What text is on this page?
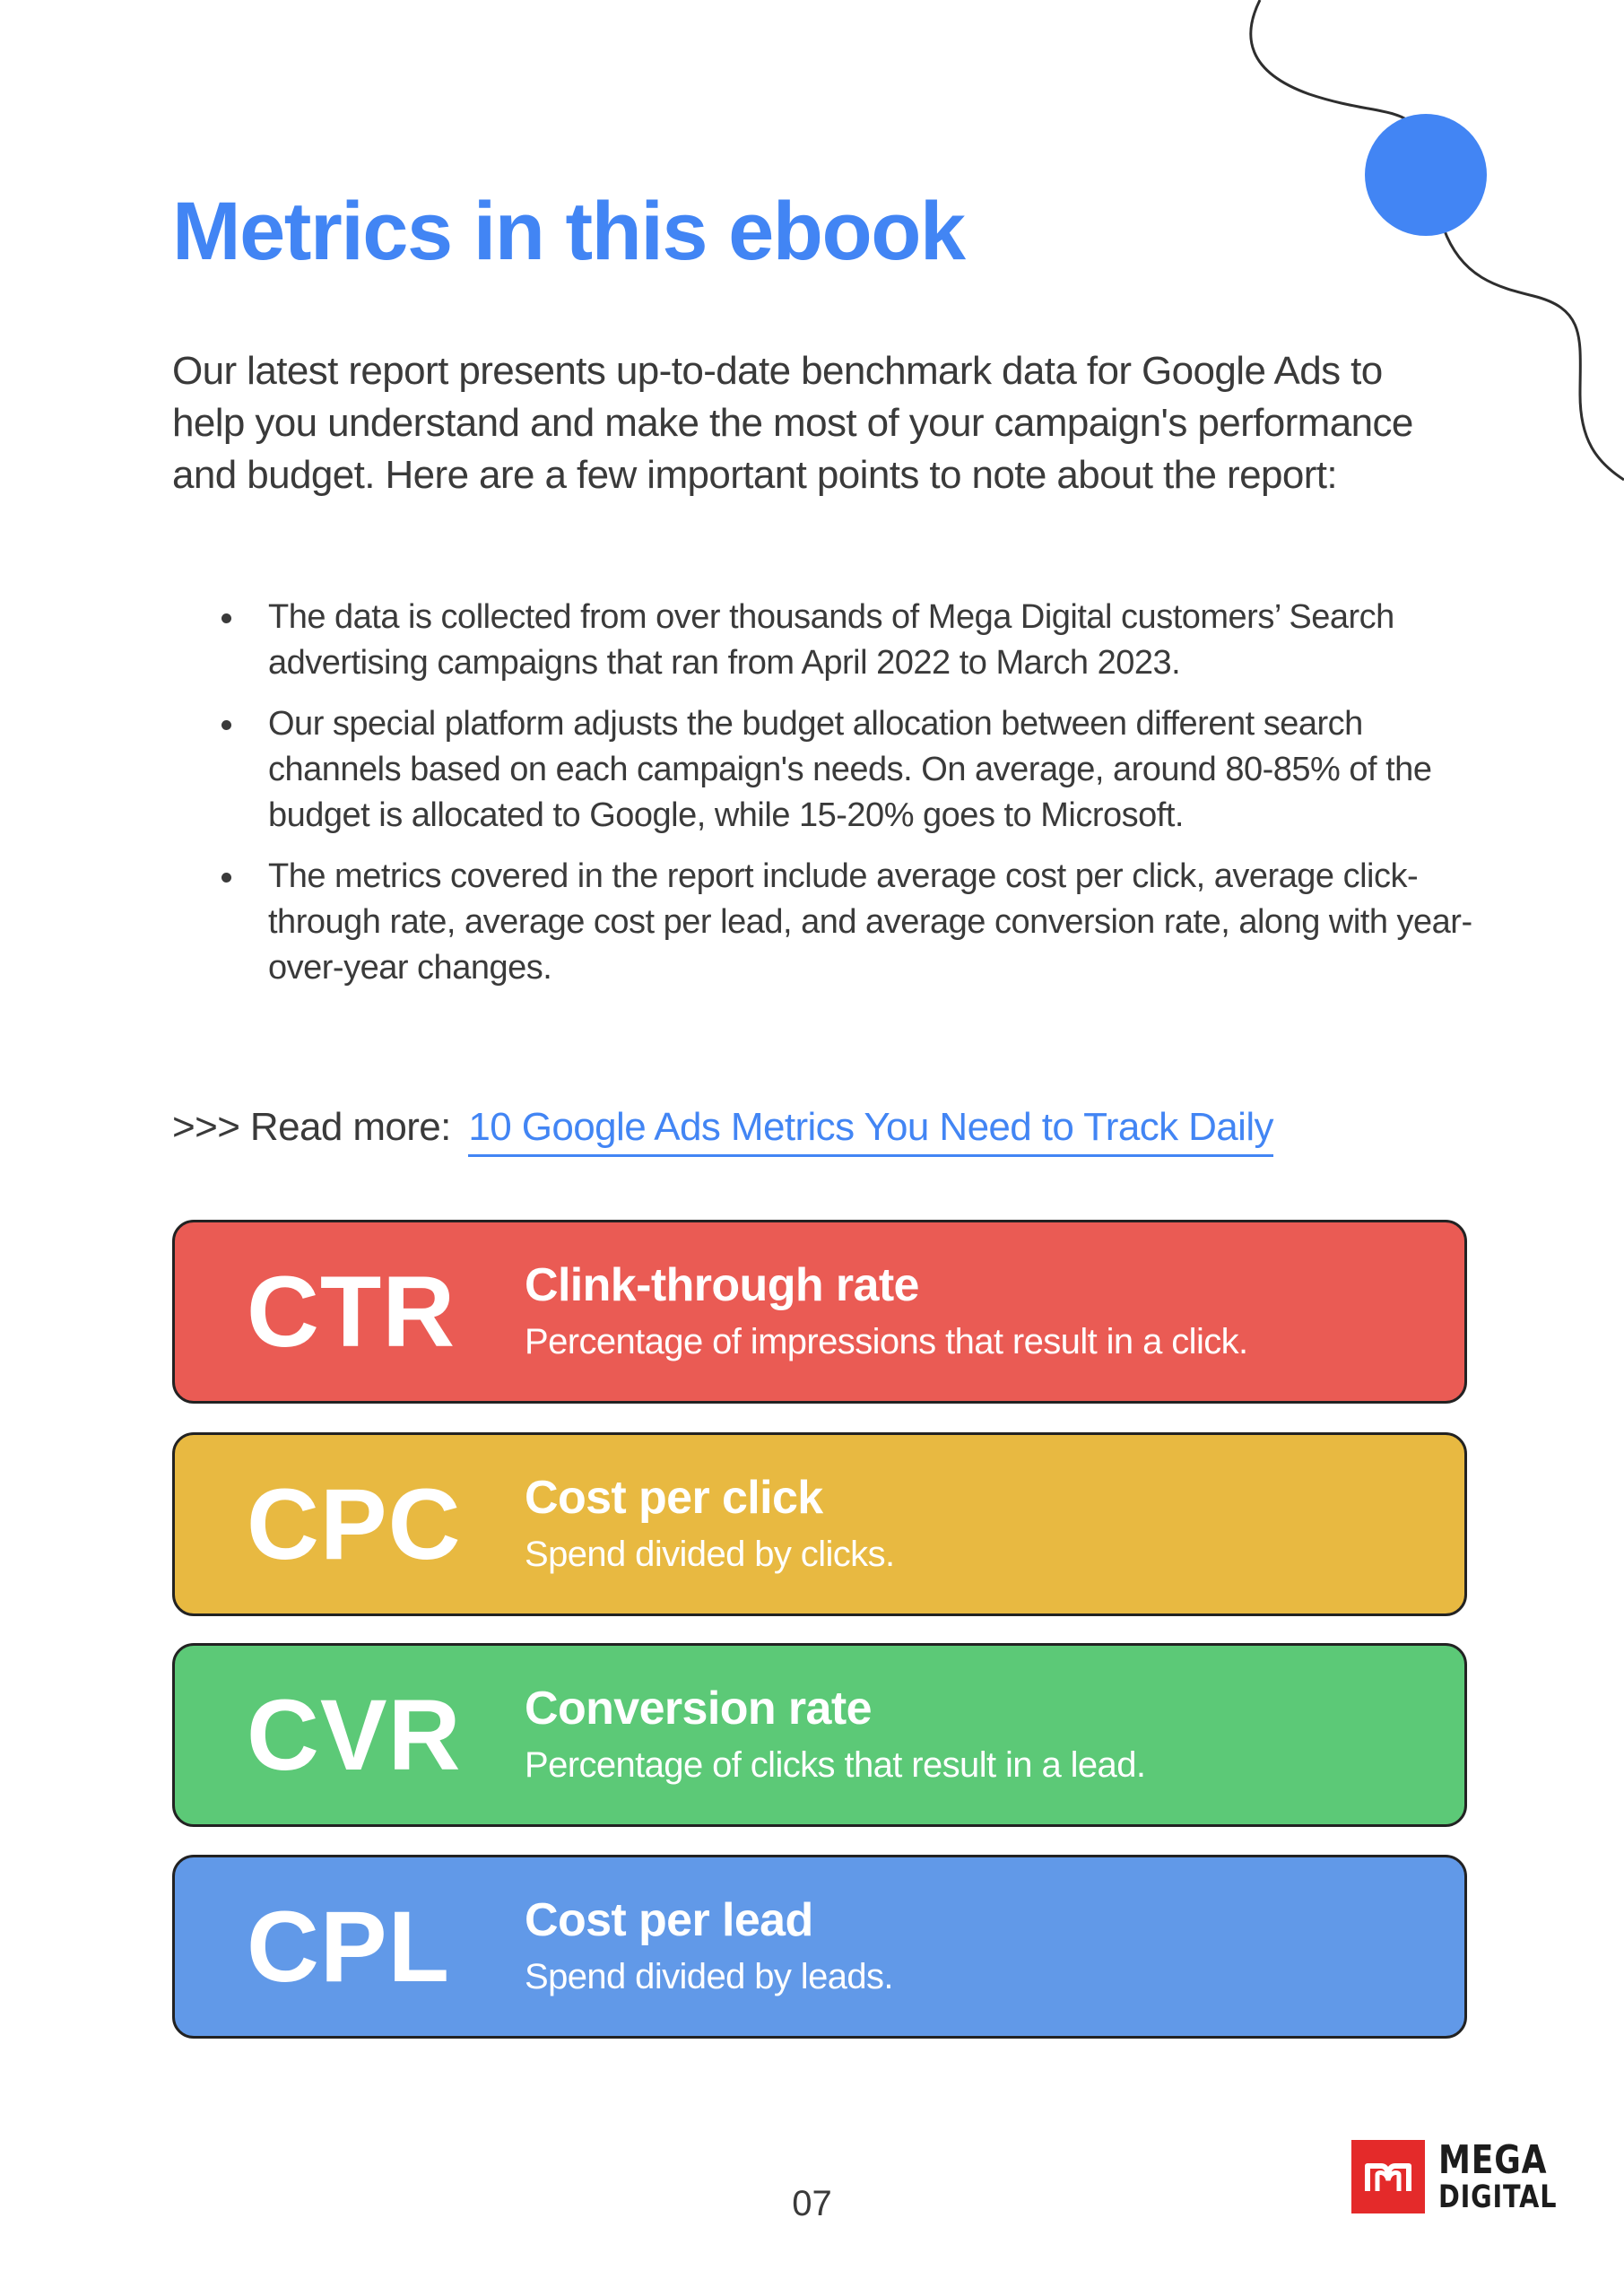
Metrics in this ebook

Our latest report presents up-to-date benchmark data for Google Ads to help you understand and make the most of your campaign's performance and budget. Here are a few important points to note about the report:

The data is collected from over thousands of Mega Digital customers’ Search advertising campaigns that ran from April 2022 to March 2023.
Our special platform adjusts the budget allocation between different search channels based on each campaign's needs. On average, around 80-85% of the budget is allocated to Google, while 15-20% goes to Microsoft.
The metrics covered in the report include average cost per click, average click-through rate, average cost per lead, and average conversion rate, along with year-over-year changes.
>>> Read more: 10 Google Ads Metrics You Need to Track Daily
CTR	Clink-through rate
Percentage of impressions that result in a click.
CPC	Cost per click
Spend divided by clicks.
CVR	Conversion rate
Percentage of clicks that result in a lead.
CPL	Cost per lead
Spend divided by leads.
07
MEGA
DIGITAL
